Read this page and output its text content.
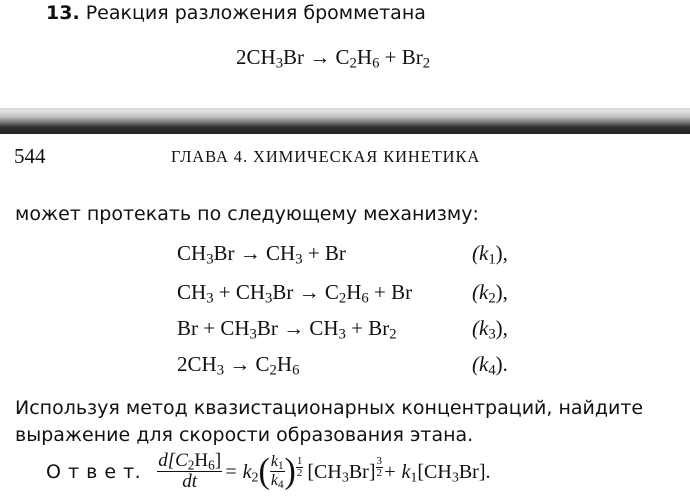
13. Реакция разложения бромметана
$2CH_3Br \to C_2H_6 + Br_2$
544	ГЛАВА 4. ХИМИЧЕСКАЯ КИНЕТИКА
может протекать по следующему механизму:
$CH_3Br \to CH_3 + Br$	$(k_1)$,
$CH_3 + CH_3Br \to C_2H_6 + Br$	$(k_2)$,
$Br + CH_3Br \to CH_3 + Br_2$	$(k_3)$,
$2CH_3 \to C_2H_6$	$(k_4)$.
Используя метод квазистационарных концентраций, найдите
выражение для скорости образования этана.
О т в е т. $\frac{d[C_2H_6]}{dt} = k_2$ ( $\frac{k_1}{k_4}$ ) $\frac{1}{2} [CH_3Br] \frac{3}{2} + k_1[CH_3Br]$.
